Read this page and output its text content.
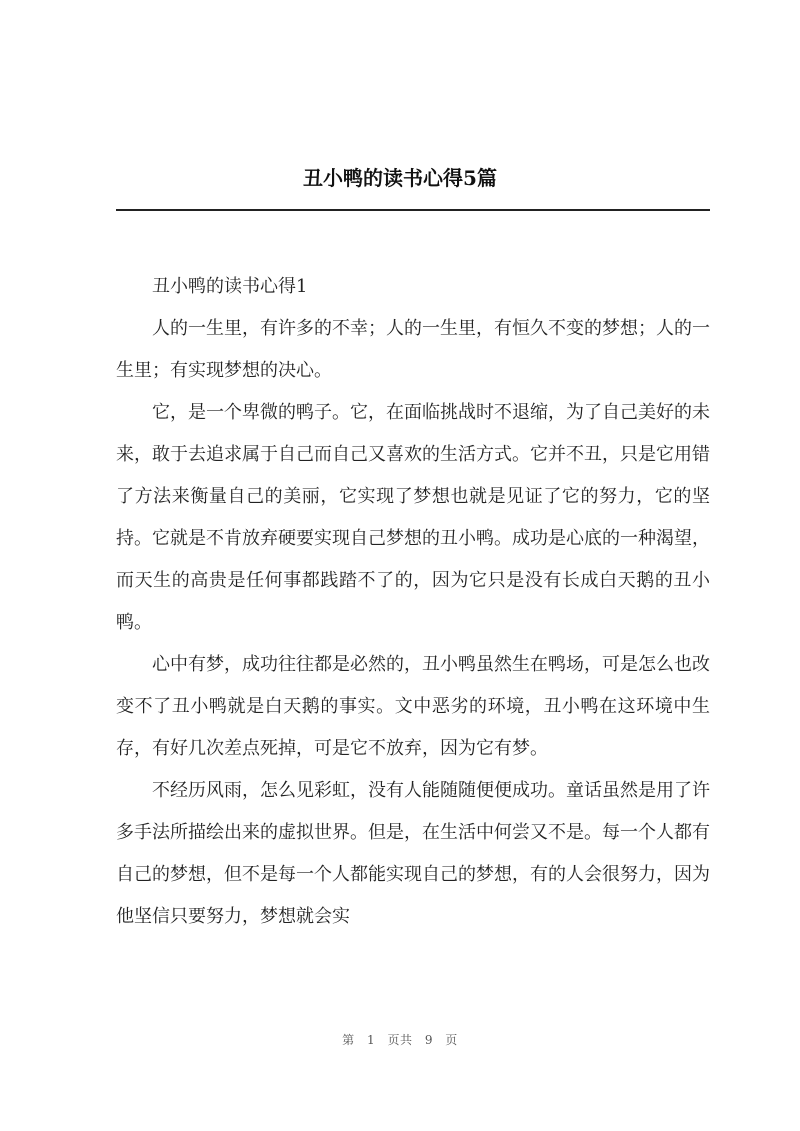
丑小鸭的读书心得5篇

丑小鸭的读书心得1

人的一生里，有许多的不幸；人的一生里，有恒久不变的梦想；人的一生里；有实现梦想的决心。

它，是一个卑微的鸭子。它，在面临挑战时不退缩，为了自己美好的未来，敢于去追求属于自己而自己又喜欢的生活方式。它并不丑，只是它用错了方法来衡量自己的美丽，它实现了梦想也就是见证了它的努力，它的坚持。它就是不肯放弃硬要实现自己梦想的丑小鸭。成功是心底的一种渴望，而天生的高贵是任何事都践踏不了的，因为它只是没有长成白天鹅的丑小鸭。

心中有梦，成功往往都是必然的，丑小鸭虽然生在鸭场，可是怎么也改变不了丑小鸭就是白天鹅的事实。文中恶劣的环境，丑小鸭在这环境中生存，有好几次差点死掉，可是它不放弃，因为它有梦。

不经历风雨，怎么见彩虹，没有人能随随便便成功。童话虽然是用了许多手法所描绘出来的虚拟世界。但是，在生活中何尝又不是。每一个人都有自己的梦想，但不是每一个人都能实现自己的梦想，有的人会很努力，因为他坚信只要努力，梦想就会实

第 1 页共 9 页
